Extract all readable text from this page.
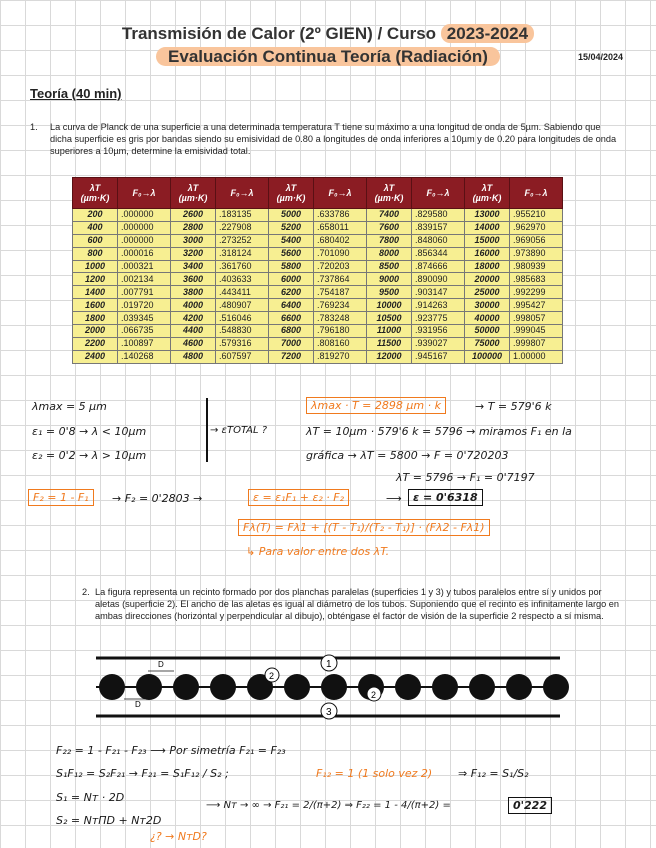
Transmisión de Calor (2º GIEN) / Curso 2023-2024
Evaluación Continua Teoría (Radiación)	15/04/2024
Teoría (40 min)
1. La curva de Planck de una superficie a una determinada temperatura T tiene su máximo a una longitud de onda de 5µm. Sabiendo que dicha superficie es gris por bandas siendo su emisividad de 0.80 a longitudes de onda inferiores a 10µm y de 0.20 para longitudes de onda superiores a 10µm, determine la emisividad total.
λT (µm·K)	F₀→λ	λT (µm·K)	F₀→λ	λT (µm·K)	F₀→λ	λT (µm·K)	F₀→λ	λT (µm·K)	F₀→λ
200	.000000	2600	.183135	5000	.633786	7400	.829580	13000	.955210
400	.000000	2800	.227908	5200	.658011	7600	.839157	14000	.962970
600	.000000	3000	.273252	5400	.680402	7800	.848060	15000	.969056
800	.000016	3200	.318124	5600	.701090	8000	.856344	16000	.973890
1000	.000321	3400	.361760	5800	.720203	8500	.874666	18000	.980939
1200	.002134	3600	.403633	6000	.737864	9000	.890090	20000	.985683
1400	.007791	3800	.443411	6200	.754187	9500	.903147	25000	.992299
1600	.019720	4000	.480907	6400	.769234	10000	.914263	30000	.995427
1800	.039345	4200	.516046	6600	.783248	10500	.923775	40000	.998057
2000	.066735	4400	.548830	6800	.796180	11000	.931956	50000	.999045
2200	.100897	4600	.579316	7000	.808160	11500	.939027	75000	.999807
2400	.140268	4800	.607597	7200	.819270	12000	.945167	100000	1.00000
λmax = 5 µm
ε₁ = 0'8 → λ < 10µm
ε₂ = 0'2 → λ > 10µm
→ εTOTAL ?
λmax · T = 2898 µm · k	→ T = 579'6 k
λT = 10µm · 579'6 k = 5796 → miramos F₁ en la
gráfica → λT = 5800 → F = 0'720203
λT = 5796 → F₁ = 0'7197
F₂ = 1 - F₁	→ F₂ = 0'2803 →	ε = ε₁F₁ + ε₂ · F₂	⟶	ε = 0'6318
Fλ(T) = Fλ1 + [(T - T₁)/(T₂ - T₁)] · (Fλ2 - Fλ1)
↳ Para valor entre dos λT.
2. La figura representa un recinto formado por dos planchas paralelas (superficies 1 y 3) y tubos paralelos entre sí y unidos por aletas (superficie 2). El ancho de las aletas es igual al diámetro de los tubos. Suponiendo que el recinto es infinitamente largo en ambas direcciones (horizontal y perpendicular al dibujo), obténgase el factor de visión de la superficie 2 respecto a sí misma.
1
2
2
3
D
D
F₂₂ = 1 - F₂₁ - F₂₃ ⟶ Por simetría F₂₁ = F₂₃
S₁F₁₂ = S₂F₂₁ → F₂₁ = S₁F₁₂ / S₂ ;	F₁₂ = 1 (1 solo vez 2) ⇒ F₁₂ = S₁/S₂
S₁ = Nт · 2D
S₂ = NтΠD + Nт2D
⟶ Nт → ∞ → F₂₁ = 2/(π+2) ⇒ F₂₂ = 1 - 4/(π+2) =	0'222
¿? → NтD?
